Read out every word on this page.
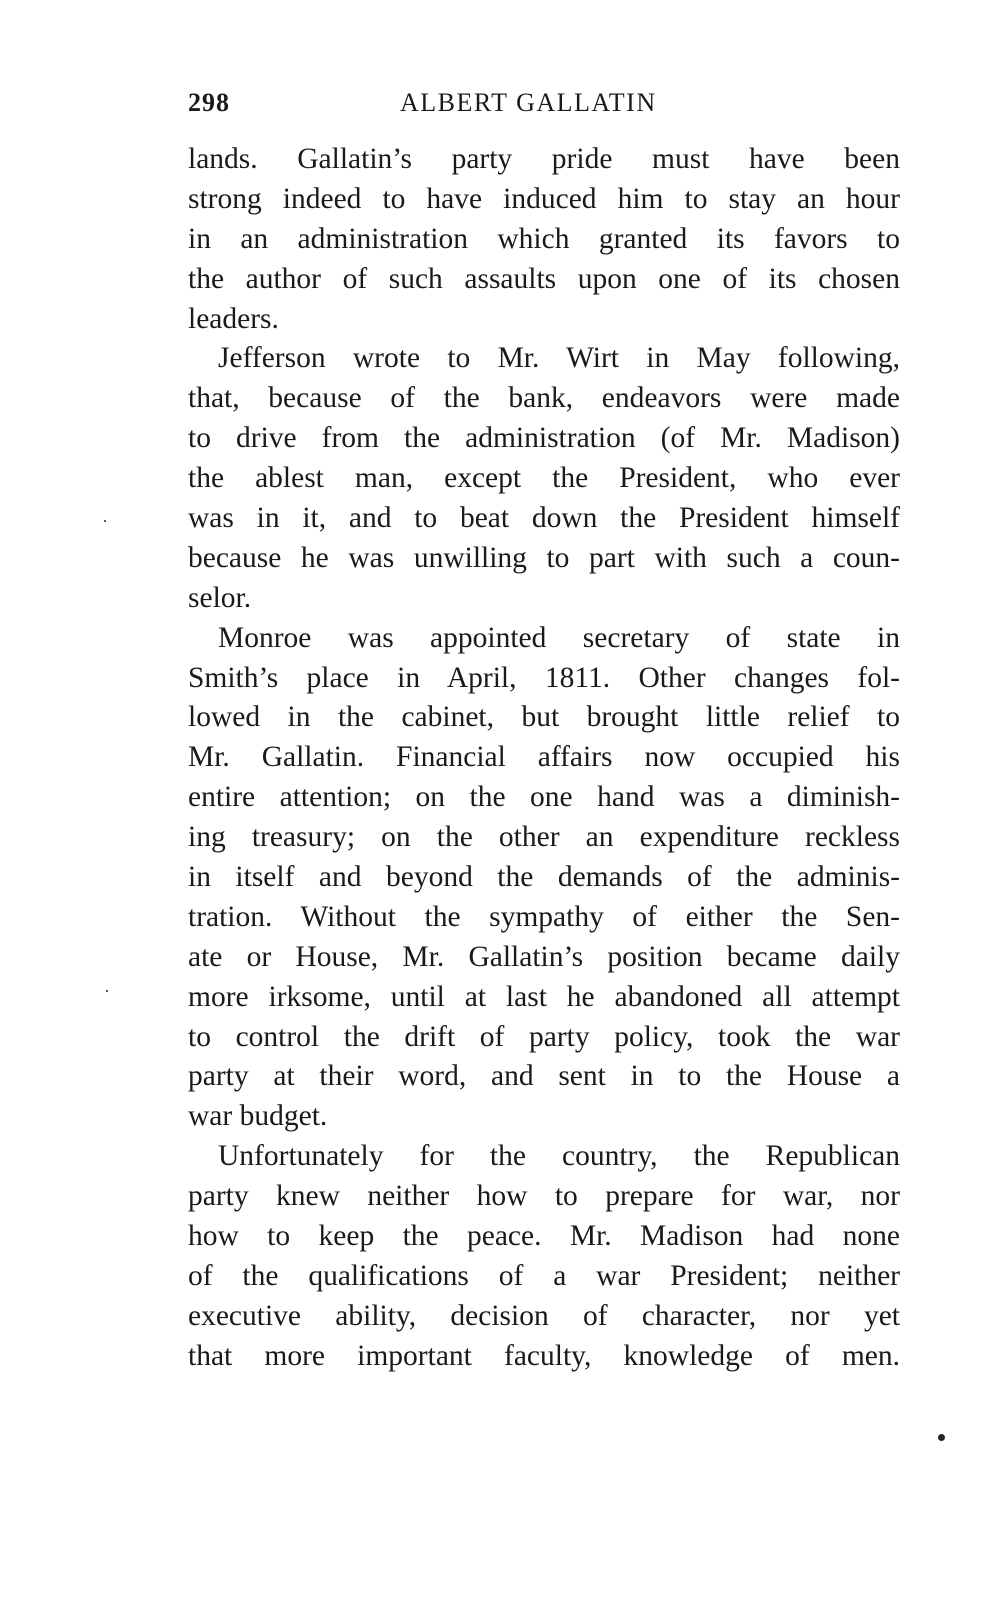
298	ALBERT GALLATIN
lands. Gallatin’s party pride must have been
strong indeed to have induced him to stay an hour
in an administration which granted its favors to
the author of such assaults upon one of its chosen
leaders.
Jefferson wrote to Mr. Wirt in May following,
that, because of the bank, endeavors were made
to drive from the administration (of Mr. Madison)
the ablest man, except the President, who ever
was in it, and to beat down the President himself
because he was unwilling to part with such a coun-
selor.
Monroe was appointed secretary of state in
Smith’s place in April, 1811. Other changes fol-
lowed in the cabinet, but brought little relief to
Mr. Gallatin. Financial affairs now occupied his
entire attention; on the one hand was a diminish-
ing treasury; on the other an expenditure reckless
in itself and beyond the demands of the adminis-
tration. Without the sympathy of either the Sen-
ate or House, Mr. Gallatin’s position became daily
more irksome, until at last he abandoned all attempt
to control the drift of party policy, took the war
party at their word, and sent in to the House a
war budget.
Unfortunately for the country, the Republican
party knew neither how to prepare for war, nor
how to keep the peace. Mr. Madison had none
of the qualifications of a war President; neither
executive ability, decision of character, nor yet
that more important faculty, knowledge of men.
